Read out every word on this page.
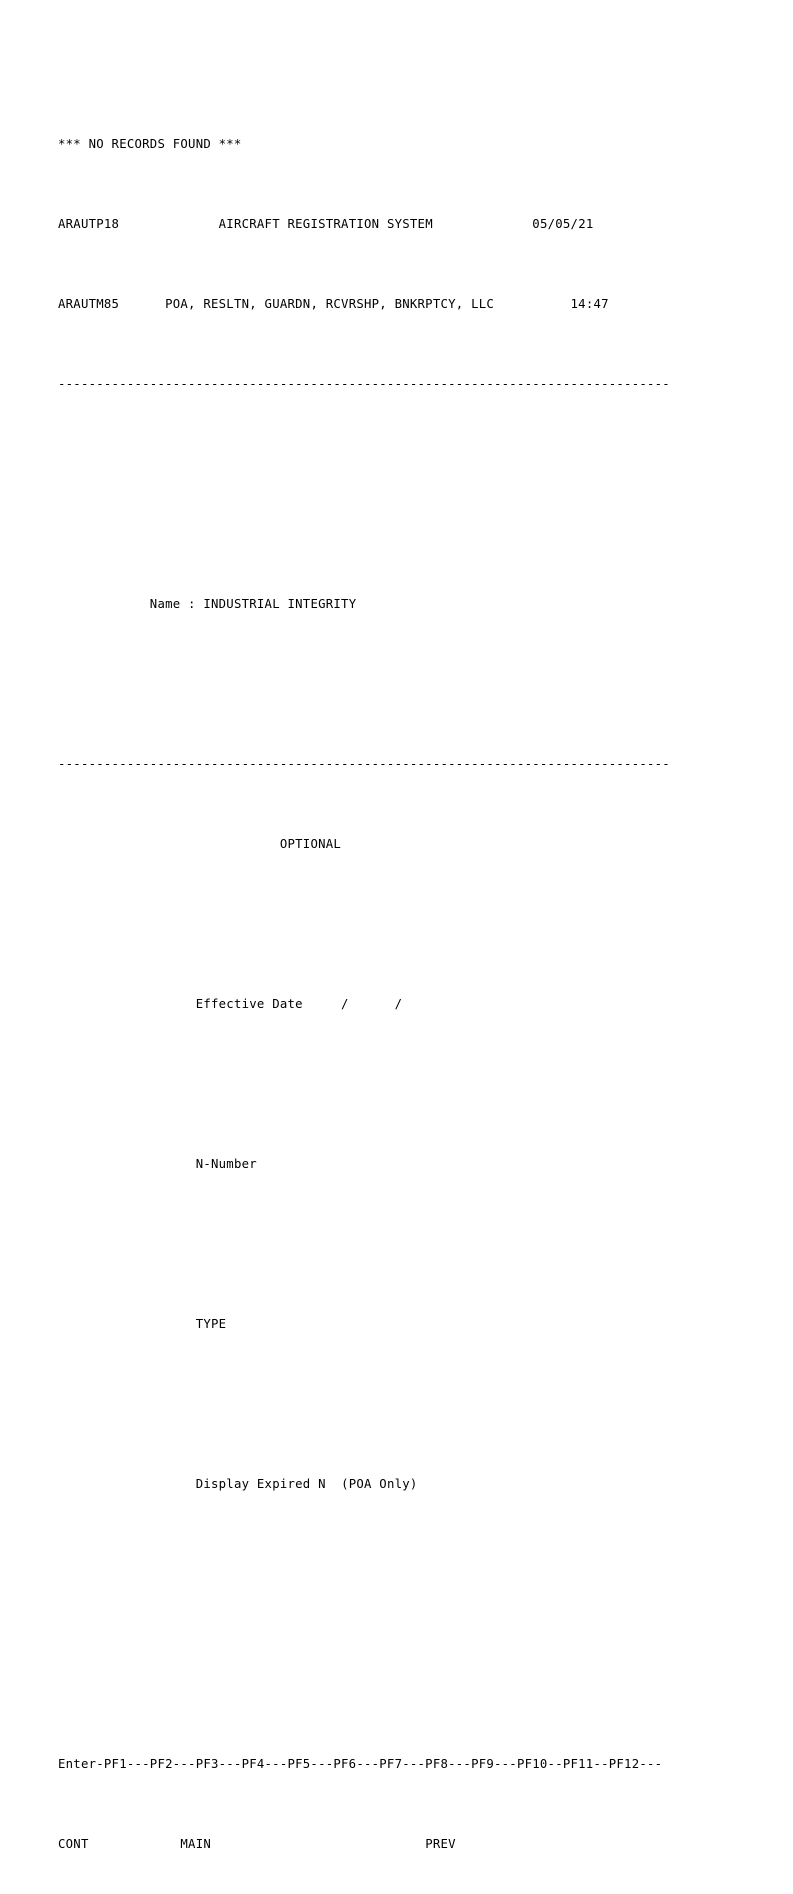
*** NO RECORDS FOUND ***

ARAUTP18
	AIRCRAFT REGISTRATION SYSTEM
	05/05/21

ARAUTM85
	POA, RESLTN, GUARDN, RCVRSHP, BNKRPTCY, LLC
	14:47

--------------------------------------------------------------------------------

Name :
INDUSTRIAL INTEGRITY

--------------------------------------------------------------------------------

OPTIONAL

Effective Date
	/      /

N-Number

TYPE

Display Expired N
(POA Only)

Enter-PF1---PF2---PF3---PF4---PF5---PF6---PF7---PF8---PF9---PF10--PF11--PF12---

CONT
	MAIN
	PREV
